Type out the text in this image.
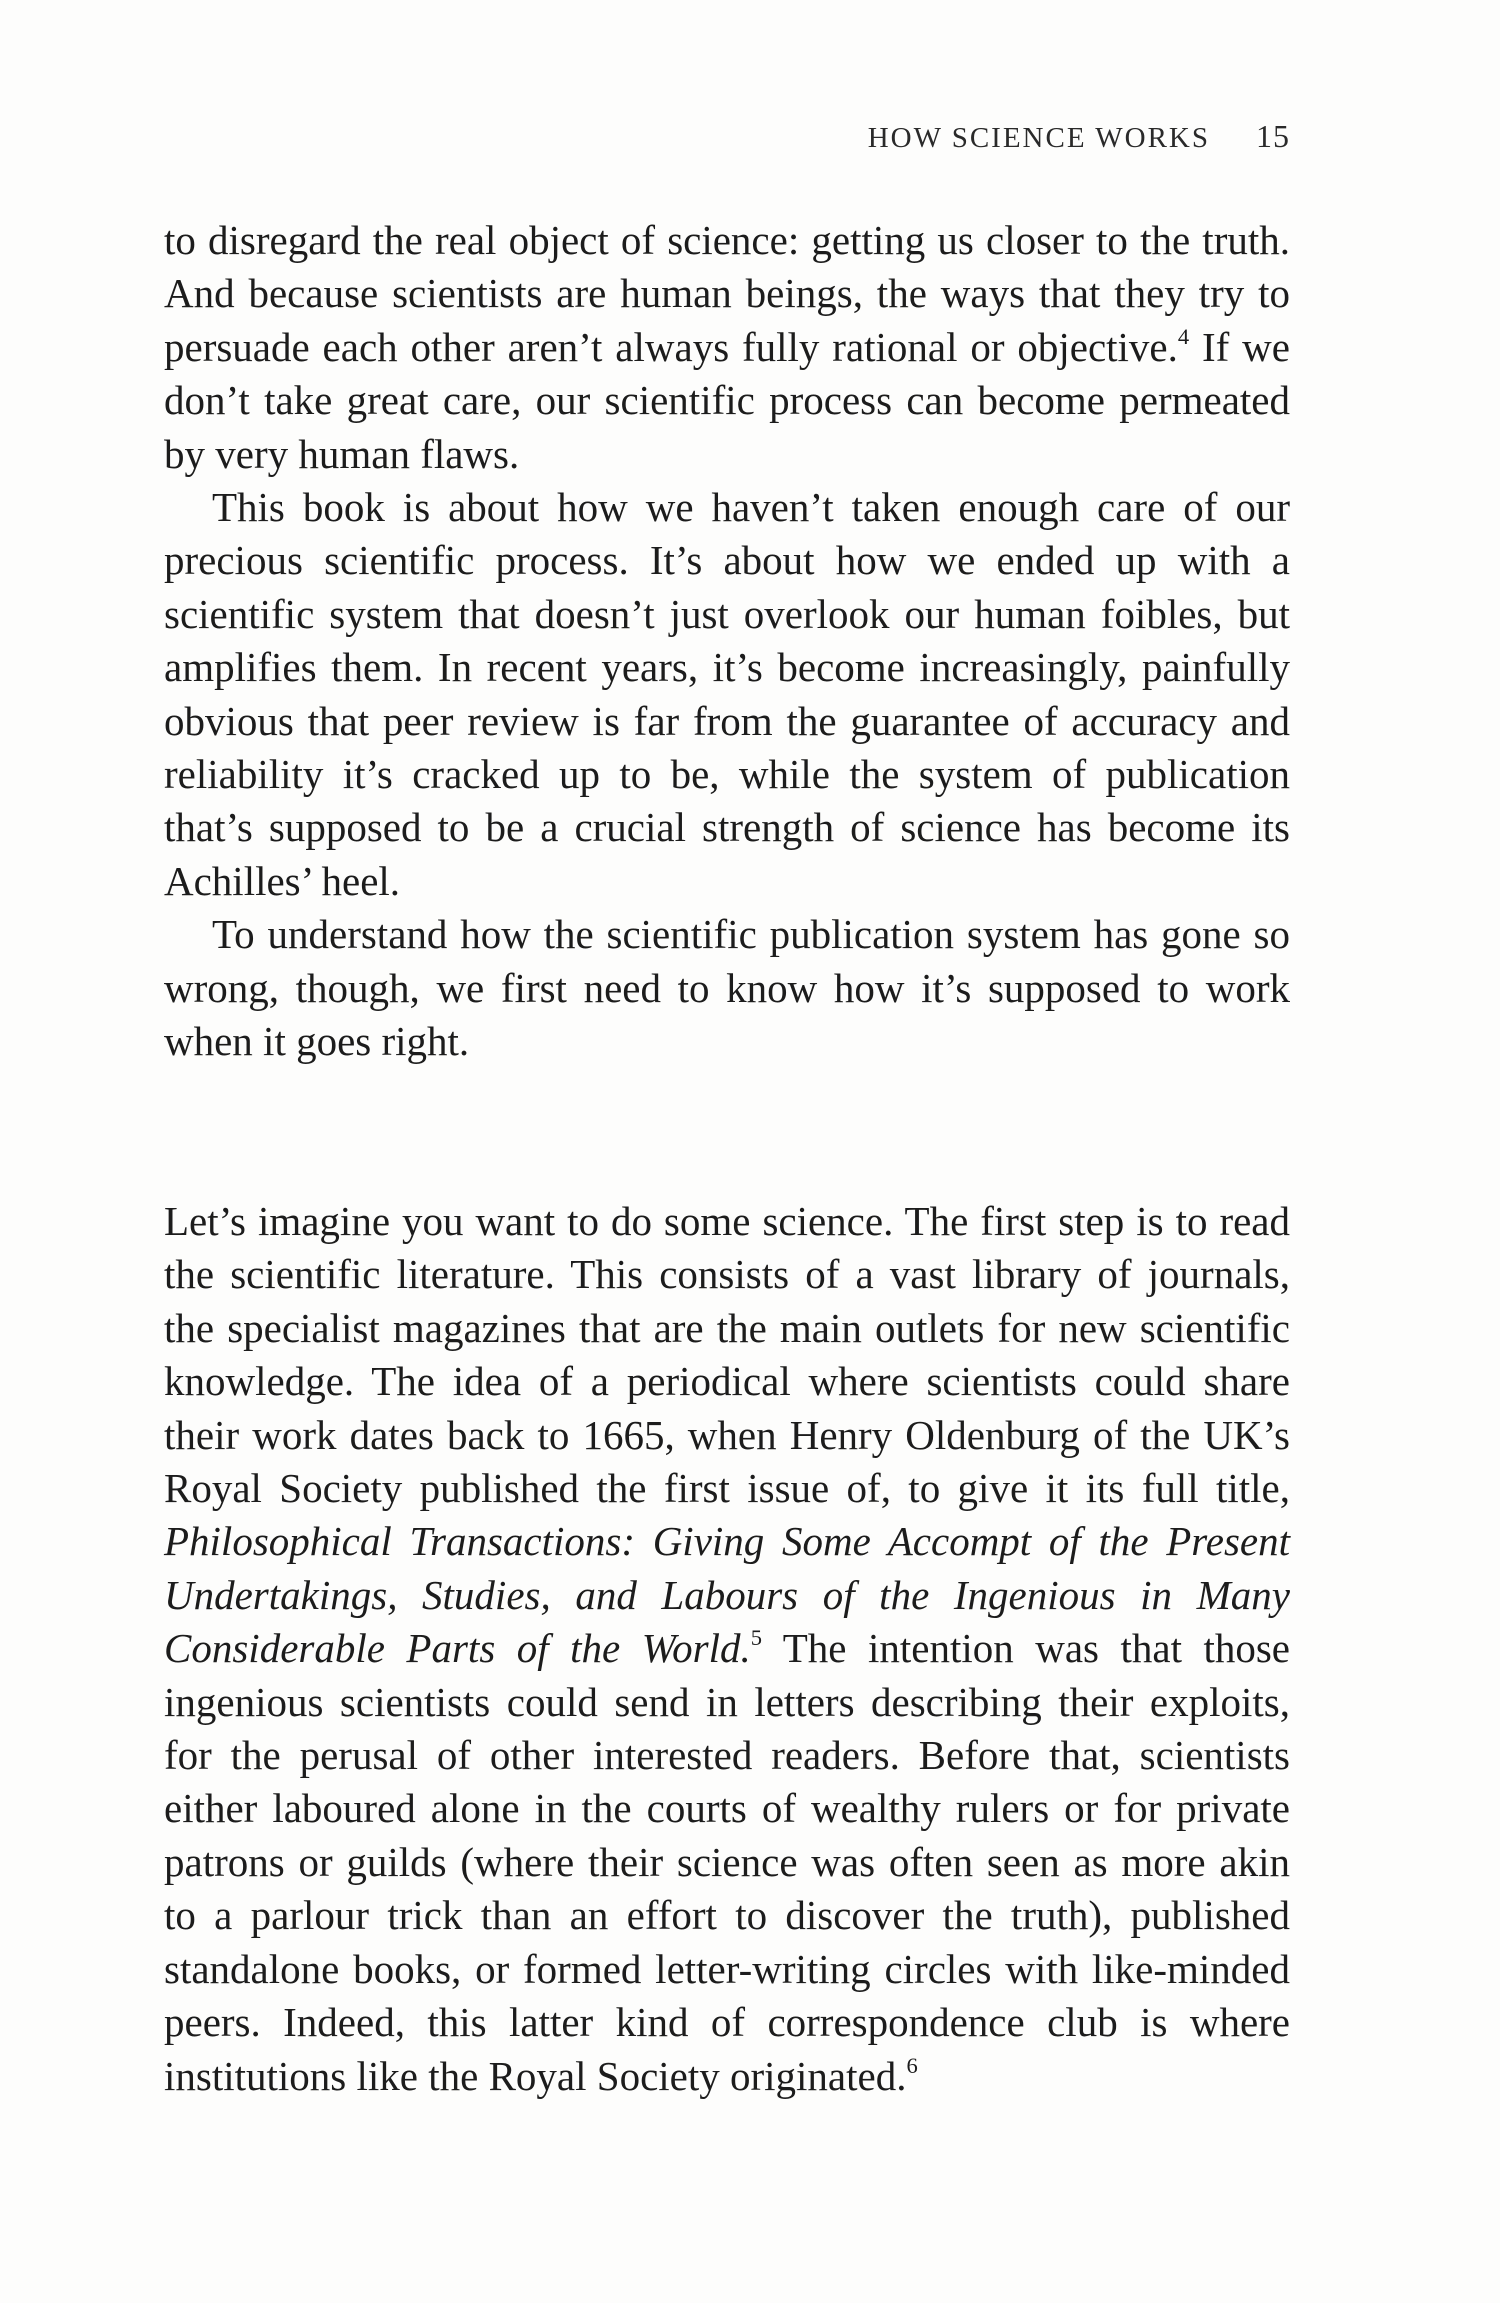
HOW SCIENCE WORKS 15

to disregard the real object of science: getting us closer to the truth. And because scientists are human beings, the ways that they try to persuade each other aren’t always fully rational or objective.$^4$ If we don’t take great care, our scientific process can become permeated by very human flaws.

This book is about how we haven’t taken enough care of our precious scientific process. It’s about how we ended up with a scientific system that doesn’t just overlook our human foibles, but amplifies them. In recent years, it’s become increasingly, painfully obvious that peer review is far from the guarantee of accuracy and reliability it’s cracked up to be, while the system of publication that’s supposed to be a crucial strength of science has become its Achilles’ heel.

To understand how the scientific publication system has gone so wrong, though, we first need to know how it’s supposed to work when it goes right.

Let’s imagine you want to do some science. The first step is to read the scientific literature. This consists of a vast library of journals, the specialist magazines that are the main outlets for new scientific knowledge. The idea of a periodical where scientists could share their work dates back to 1665, when Henry Oldenburg of the UK’s Royal Society published the first issue of, to give it its full title, Philosophical Transactions: Giving Some Accompt of the Present Undertakings, Studies, and Labours of the Ingenious in Many Considerable Parts of the World.$^5$ The intention was that those ingenious scientists could send in letters describing their exploits, for the perusal of other interested readers. Before that, scientists either laboured alone in the courts of wealthy rulers or for private patrons or guilds (where their science was often seen as more akin to a parlour trick than an effort to discover the truth), published standalone books, or formed letter-writing circles with like-minded peers. Indeed, this latter kind of correspondence club is where institutions like the Royal Society originated.$^6$
